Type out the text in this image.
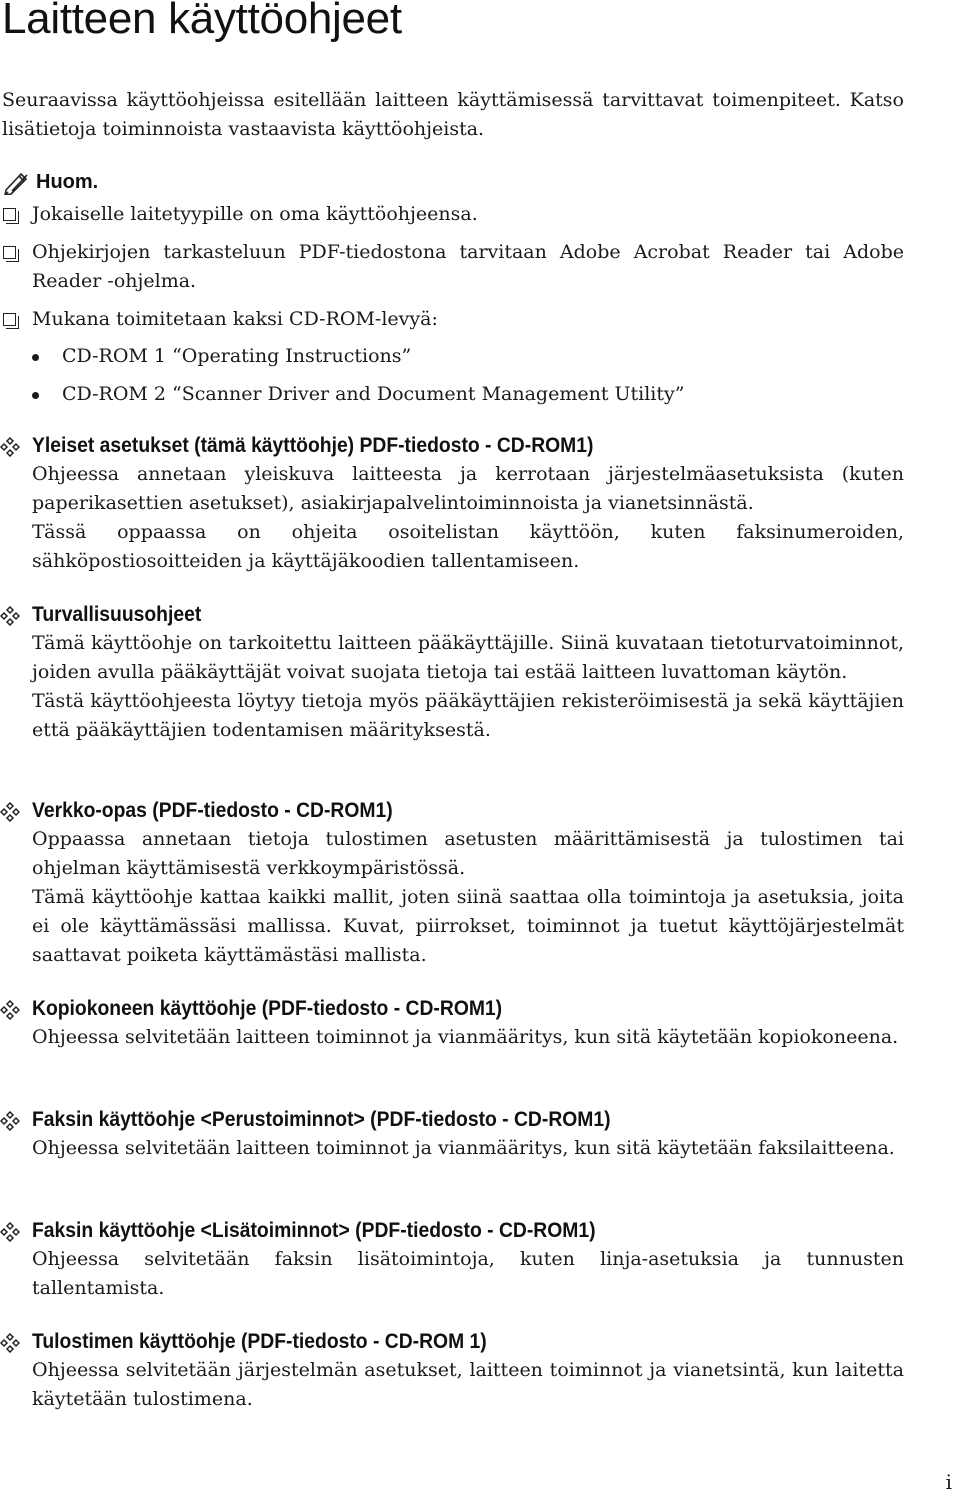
Laitteen käyttöohjeet

Seuraavissa käyttöohjeissa esitellään laitteen käyttämisessä tarvittavat toimenpiteet. Katso lisätietoja toiminnoista vastaavista käyttöohjeista.

Huom.

Jokaiselle laitetyypille on oma käyttöohjeensa.

Ohjekirjojen tarkasteluun PDF-tiedostona tarvitaan Adobe Acrobat Reader tai Adobe Reader -ohjelma.

Mukana toimitetaan kaksi CD-ROM-levyä:

CD-ROM 1 “Operating Instructions”
CD-ROM 2 “Scanner Driver and Document Management Utility”
Yleiset asetukset (tämä käyttöohje) PDF-tiedosto - CD-ROM1)

Ohjeessa annetaan yleiskuva laitteesta ja kerrotaan järjestelmäasetuksista (kuten paperikasettien asetukset), asiakirjapalvelintoiminnoista ja vianetsinnästä.

Tässä oppaassa on ohjeita osoitelistan käyttöön, kuten faksinumeroiden, sähköpostiosoitteiden ja käyttäjäkoodien tallentamiseen.

Turvallisuusohjeet

Tämä käyttöohje on tarkoitettu laitteen pääkäyttäjille. Siinä kuvataan tietoturvatoiminnot, joiden avulla pääkäyttäjät voivat suojata tietoja tai estää laitteen luvattoman käytön.

Tästä käyttöohjeesta löytyy tietoja myös pääkäyttäjien rekisteröimisestä ja sekä käyttäjien että pääkäyttäjien todentamisen määrityksestä.

Verkko-opas (PDF-tiedosto - CD-ROM1)

Oppaassa annetaan tietoja tulostimen asetusten määrittämisestä ja tulostimen tai ohjelman käyttämisestä verkkoympäristössä.

Tämä käyttöohje kattaa kaikki mallit, joten siinä saattaa olla toimintoja ja asetuksia, joita ei ole käyttämässäsi mallissa. Kuvat, piirrokset, toiminnot ja tuetut käyttöjärjestelmät saattavat poiketa käyttämästäsi mallista.

Kopiokoneen käyttöohje (PDF-tiedosto - CD-ROM1)

Ohjeessa selvitetään laitteen toiminnot ja vianmääritys, kun sitä käytetään kopiokoneena.

Faksin käyttöohje <Perustoiminnot> (PDF-tiedosto - CD-ROM1)

Ohjeessa selvitetään laitteen toiminnot ja vianmääritys, kun sitä käytetään faksilaitteena.

Faksin käyttöohje <Lisätoiminnot> (PDF-tiedosto - CD-ROM1)

Ohjeessa selvitetään faksin lisätoimintoja, kuten linja-asetuksia ja tunnusten tallentamista.

Tulostimen käyttöohje (PDF-tiedosto - CD-ROM 1)

Ohjeessa selvitetään järjestelmän asetukset, laitteen toiminnot ja vianetsintä, kun laitetta käytetään tulostimena.

i
